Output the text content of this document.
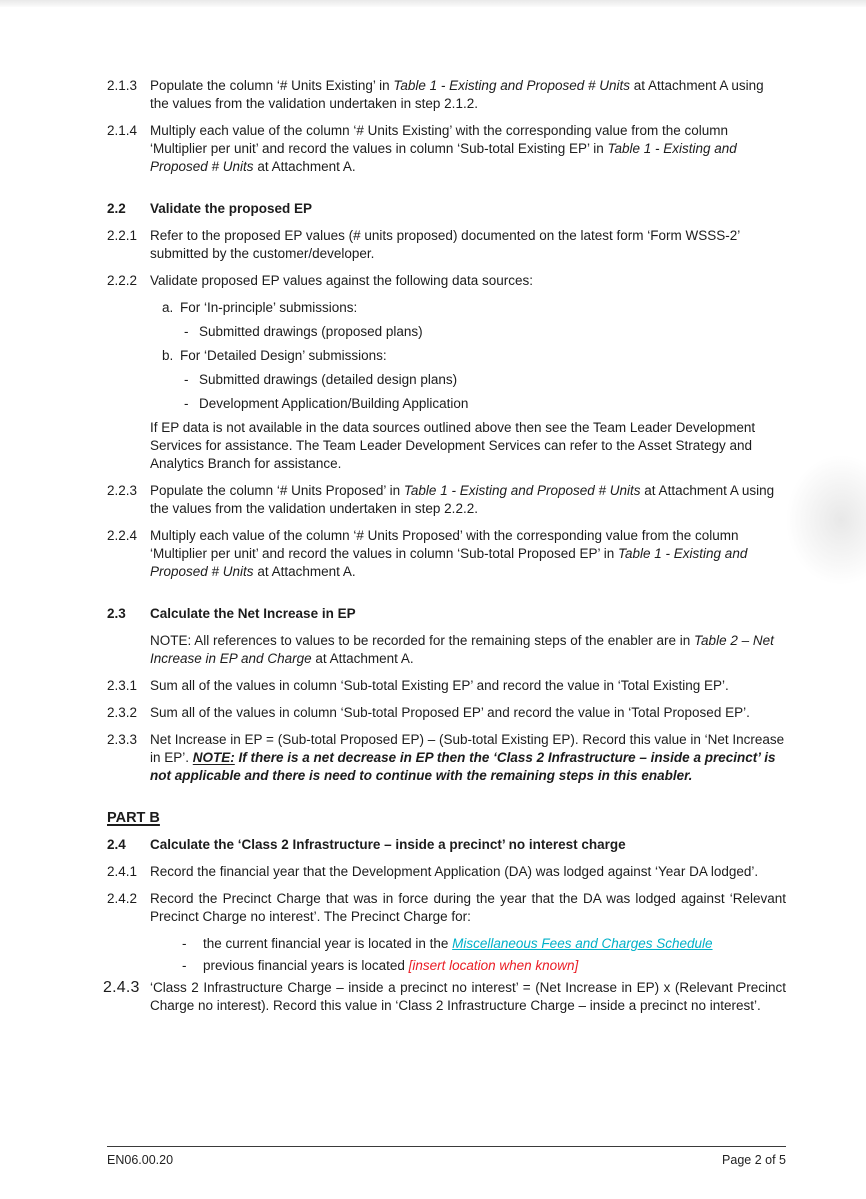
2.1.3 Populate the column ‘# Units Existing’ in Table 1 - Existing and Proposed # Units at Attachment A using the values from the validation undertaken in step 2.1.2.
2.1.4 Multiply each value of the column ‘# Units Existing’ with the corresponding value from the column ‘Multiplier per unit’ and record the values in column ‘Sub-total Existing EP’ in Table 1 - Existing and Proposed # Units at Attachment A.
2.2	Validate the proposed EP
2.2.1 Refer to the proposed EP values (# units proposed) documented on the latest form ‘Form WSSS-2’ submitted by the customer/developer.
2.2.2 Validate proposed EP values against the following data sources:
a. For ‘In-principle’ submissions:
- Submitted drawings (proposed plans)
b. For ‘Detailed Design’ submissions:
- Submitted drawings (detailed design plans)
- Development Application/Building Application
If EP data is not available in the data sources outlined above then see the Team Leader Development Services for assistance. The Team Leader Development Services can refer to the Asset Strategy and Analytics Branch for assistance.
2.2.3 Populate the column ‘# Units Proposed’ in Table 1 - Existing and Proposed # Units at Attachment A using the values from the validation undertaken in step 2.2.2.
2.2.4 Multiply each value of the column ‘# Units Proposed’ with the corresponding value from the column ‘Multiplier per unit’ and record the values in column ‘Sub-total Proposed EP’ in Table 1 - Existing and Proposed # Units at Attachment A.
2.3	Calculate the Net Increase in EP
NOTE: All references to values to be recorded for the remaining steps of the enabler are in Table 2 – Net Increase in EP and Charge at Attachment A.
2.3.1 Sum all of the values in column ‘Sub-total Existing EP’ and record the value in ‘Total Existing EP’.
2.3.2 Sum all of the values in column ‘Sub-total Proposed EP’ and record the value in ‘Total Proposed EP’.
2.3.3 Net Increase in EP = (Sub-total Proposed EP) – (Sub-total Existing EP). Record this value in ‘Net Increase in EP’. NOTE: If there is a net decrease in EP then the ‘Class 2 Infrastructure – inside a precinct’ is not applicable and there is need to continue with the remaining steps in this enabler.
PART B
2.4	Calculate the ‘Class 2 Infrastructure – inside a precinct’ no interest charge
2.4.1 Record the financial year that the Development Application (DA) was lodged against ‘Year DA lodged’.
2.4.2 Record the Precinct Charge that was in force during the year that the DA was lodged against ‘Relevant Precinct Charge no interest’. The Precinct Charge for:
-	the current financial year is located in the Miscellaneous Fees and Charges Schedule
-	previous financial years is located [insert location when known]
2.4.3 ‘Class 2 Infrastructure Charge – inside a precinct no interest’ = (Net Increase in EP) x (Relevant Precinct Charge no interest). Record this value in ‘Class 2 Infrastructure Charge – inside a precinct no interest’.
EN06.00.20	Page 2 of 5
